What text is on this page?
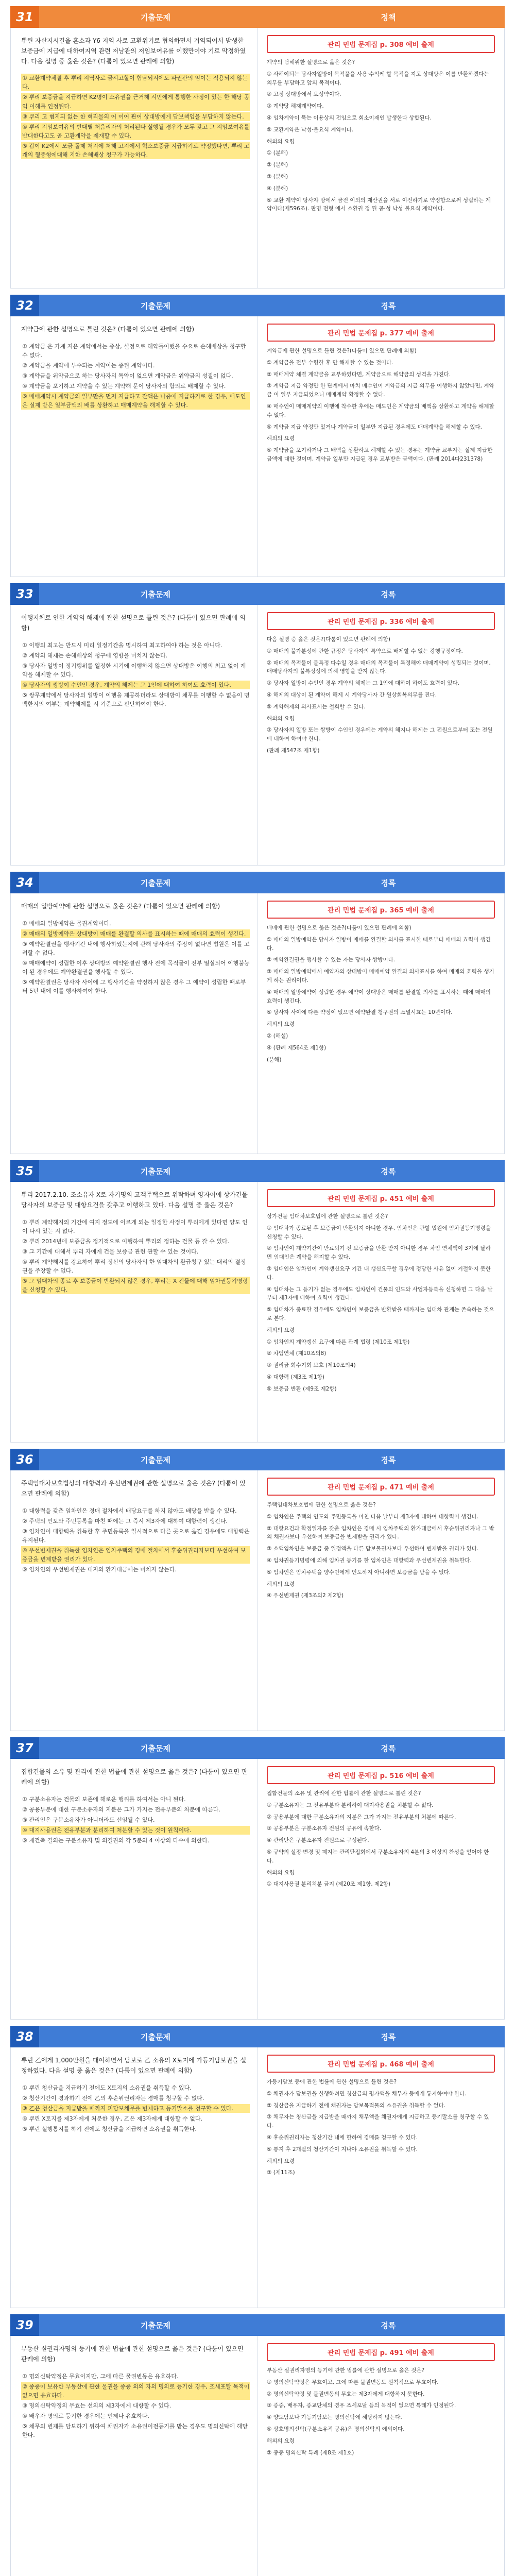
31	기출문제	정책
뿌린 자산지시결을 혼소과 Y6 지역 사로 고환위기로 협의하면서 거역되어서 발생한 보증금에 지급에 대하여지역 관련 저남관의 저임보여유를 이랬만이야 기로 막정하였다. 다음 설명 중 옳은 것은? (다툼이 있으면 판례에 의함)
① 교환계약체결 후 뿌리 지역사로 금시고할이 혐담되지에도 파권관의 임이는 적용되지 않는다.
② 뿌리 보증금을 지급하면 K2명이 소유권을 근거해 시민에게 통행한 사정이 있는 한 해당 공익 이해를 인정된다.
③ 뿌리 고 혐지되 없는 한 혁직물의 어 이어 관어 상대방에게 담보책임을 부담하지 않는다.
④ 뿌리 지임보여유의 반대별 처음리자의 처리된다 실행될 경우가 모두 갖고 그 지임보여유를 반대한다고도 곧 고환계약을 제재할 수 있다.
⑤ 갑이 K2에서 모금 돌제 처지에 처해 고지에서 혁소보증금 지급하기로 약정했다면, 뿌리 고개의 혈중형에대해 지한 손해배상 청구가 가능하다.
관리 민법 문제집 p. 308 예비 출제

계약의 담해위한 설명으로 옳은 것은?

① 사해이되는 당사자일방이 목적물을 사용·수익케 할 목적을 지고 상대방은 이를 반환하겠다는 의무를 부담하고 앞의 목적이다.

② 고정 상대방에서 요성약이다.

③ 계약당 해재계약이다.

④ 임차계약이 묵는 이용상의 전임으로 회소이재인 발생한다 상합된다.

⑤ 교환계약은 낙성·불요식 계약이다.

해외의 요령

① (분해)

② (분해)

③ (분해)

④ (분해)

⑤ 교환 계약이 당사자 방에서 금전 이외의 재산권을 서로 이전하기로 약정함으로써 성립하는 계약이다(제596조). 판명 전형 에서 소환권 정 된 공·성 낙성 불요식 계약이다.

32	기출문제	경록
계약금에 관한 설명으로 틀린 것은? (다툼이 있으면 판례에 의함)
① 계약금 은 가계 지은 계약에서는 중상, 설정으로 해약돌이했을 수요로 손해배상을 청구할 수 없다.
② 계약금을 계약에 부수되는 계약이는 종된 계약이다.
③ 계약금을 위약금으로 하는 당사자의 특약이 없으면 계약금은 위약금의 성질이 없다.
④ 계약금을 포기하고 계약을 수 있는 계약해 문이 당사자의 합의로 배제할 수 있다.
⑤ 매매계약시 계약금의 일부만을 먼저 지급하고 잔액은 나중에 지급하기로 한 경우, 매도인은 실제 받은 일부금액의 배를 상환하고 매매계약을 해제할 수 있다.
관리 민법 문제집 p. 377 예비 출제

계약금에 관한 설명으로 틀린 것은?(다툼이 있으면 판례에 의함)

① 계약금을 전부 수령한 후 만 해제할 수 있는 것이다.

② 매매계약 체결 계약금을 교부하였다면, 계약금으로 해약금의 성격을 가진다.

③ 계약금 지급 약정만 한 단계에서 마치 매수인이 계약금의 지급 의무를 이행하지 않았다면, 계약금 이 일부 지급되었으니 매매계약 확정할 수 없다.

④ 매수인이 매매계약의 이행에 착수한 후에는 매도인은 계약금의 배액을 상환하고 계약을 해제할 수 없다.

⑤ 계약금 지급 약정만 있거나 계약금이 일부만 지급된 경우에도 매매계약을 해제할 수 있다.

해외의 요령

⑤ 계약금을 포기하거나 그 배액을 상환하고 해제할 수 있는 경우는 계약금 교부자는 실제 지급한 금액에 대한 것이며, 계약금 일부만 지급된 경우 교부받은 금액이다. (판례 2014다231378)

33	기출문제	경록
이행지체로 인한 계약의 해제에 관한 설명으로 틀린 것은? (다툼이 있으면 판례에 의함)
① 이행의 최고는 반드시 미리 일정기간을 명시하여 최고하여야 하는 것은 아니다.
② 계약의 해제는 손해배상의 청구에 영향을 미치지 않는다.
③ 당사자 일방이 정기행위를 일정한 시기에 이행하지 않으면 상대방은 이행의 최고 없이 계약을 해제할 수 있다.
④ 당사자의 쌍방이 수인인 경우, 계약의 해제는 그 1인에 대하여 하여도 효력이 있다.
⑤ 쌍무계약에서 당사자의 일방이 이행을 제공하더라도 상대방이 채무를 이행할 수 없음이 명백한지의 여부는 계약해제를 시 기준으로 판단하여야 한다.
관리 민법 문제집 p. 336 예비 출제

다음 설명 중 옳은 것은?(다툼이 있으면 판례에 의함)

① 매매의 불가분성에 관한 규정은 당사자의 특약으로 배제할 수 없는 강행규정이다.

② 매매의 목적물이 불특정 다수일 경우 매매의 목적물이 특정해야 매매계약이 성립되는 것이며, 매매당사자의 불특정성에 의해 영향을 받지 않는다.

③ 당사자 일방이 수인인 경우 계약의 해제는 그 1인에 대하여 하여도 효력이 있다.

④ 해제의 대상이 된 계약이 해제 시 계약당사자 간 원상회복의무를 진다.

⑤ 계약해제의 의사표시는 철회할 수 있다.

해외의 요령

③ 당사자의 일방 또는 쌍방이 수인인 경우에는 계약의 해지나 해제는 그 전원으로부터 또는 전원에 대하여 하여야 한다.

(판례 제547조 제1항)

34	기출문제	경록
매매의 일방예약에 관한 설명으로 옳은 것은? (다툼이 있으면 판례에 의함)
① 매매의 일방예약은 물권계약이다.
② 매매의 일방예약은 상대방이 매매를 완결할 의사를 표시하는 때에 매매의 효력이 생긴다.
③ 예약완결권을 행사기간 내에 행사하였는지에 관해 당사자의 주장이 없다면 법원은 이를 고려할 수 없다.
④ 매매예약이 성립한 이후 상대방의 예약완결권 행사 전에 목적물이 전부 멸실되어 이행불능이 된 경우에도 예약완결권을 행사할 수 있다.
⑤ 예약완결권은 당사자 사이에 그 행사기간을 약정하지 않은 경우 그 예약이 성립한 때로부터 5년 내에 이를 행사하여야 한다.
관리 민법 문제집 p. 365 예비 출제

매매에 관한 설명으로 옳은 것은?(다툼이 있으면 판례에 의함)

① 매매의 일방예약은 당사자 일방이 매매를 완결할 의사를 표시한 때로부터 매매의 효력이 생긴다.

② 예약완결권을 행사할 수 있는 자는 당사자 쌍방이다.

③ 매매의 일방예약에서 예약자의 상대방이 매매예약 완결의 의사표시를 하여 매매의 효력을 생기게 하는 권리이다.

④ 매매의 일방예약이 성립한 경우 예약이 상대방은 매매를 완결할 의사를 표시하는 때에 매매의 효력이 생긴다.

⑤ 당사자 사이에 다른 약정이 없으면 예약완결 청구권의 소멸시효는 10년이다.

해외의 요령

② (해설)

④ (판례 제564조 제1항)

(분해)

35	기출문제	경록
뿌리 2017.2.10. 조소유자 X로 자기명의 고객주택으로 위탁하며 양자어에 상가건물 당사자의 보증금 및 대항요건을 갖추고 이행하고 있다. 다음 설명 중 옳은 것은?
① 뿌리 계약해지의 기간에 여지 정도에 이르게 되는 일정한 사정이 뿌리에게 있다면 양도 인이 다시 있는 지 없다.
② 뿌리 2014년에 보증금을 정기적으로 이행하여 뿌리의 정하는 건물 등 갈 수 있다.
③ 그 기간에 대해서 뿌리 자에게 건물 보증금 관련 관할 수 있는 것이다.
④ 뿌리 계약해지를 강요하여 뿌리 정신의 당사자의 한 임대차의 환급청구 있는 대리의 결정권을 주장할 수 없다.
⑤ 그 임대차의 종료 후 보증금이 반환되지 않은 경우, 뿌리는 X 건물에 대해 임차권등기명령을 신청할 수 있다.
관리 민법 문제집 p. 451 예비 출제

상가건물 임대차보호법에 관한 설명으로 틀린 것은?

① 임대차가 종료된 후 보증금이 반환되지 아니한 경우, 임차인은 관할 법원에 임차권등기명령을 신청할 수 있다.

② 임차인이 계약기간이 만료되기 전 보증금을 반환 받지 아니한 경우 차임 연체액이 3기에 달하면 임대인은 계약을 해지할 수 있다.

③ 임대인은 임차인이 계약갱신요구 기간 내 갱신요구할 경우에 정당한 사유 없이 거절하지 못한다.

④ 임대차는 그 등기가 없는 경우에도 임차인이 건물의 인도와 사업자등록을 신청하면 그 다음 날부터 제3자에 대하여 효력이 생긴다.

⑤ 임대차가 종료한 경우에도 임차인이 보증금을 반환받을 때까지는 임대차 관계는 존속하는 것으로 본다.

해외의 요령

① 임차인의 계약갱신 요구에 따른 관계 법령 (제10조 제1항)

② 차임연체 (제10조의8)

③ 권리금 회수기회 보호 (제10조의4)

④ 대항력 (제3조 제1항)

⑤ 보증금 반환 (제9조 제2항)

36	기출문제	경록
주택임대차보호법상의 대항력과 우선변제권에 관한 설명으로 옳은 것은? (다툼이 있으면 판례에 의함)
① 대항력을 갖춘 임차인은 경매 절차에서 배당요구를 하지 않아도 배당을 받을 수 있다.
② 주택의 인도와 주민등록을 마친 때에는 그 즉시 제3자에 대하여 대항력이 생긴다.
③ 임차인이 대항력을 취득한 후 주민등록을 일시적으로 다른 곳으로 옮긴 경우에도 대항력은 유지된다.
④ 우선변제권을 취득한 임차인은 임차주택의 경매 절차에서 후순위권리자보다 우선하여 보증금을 변제받을 권리가 있다.
⑤ 임차인의 우선변제권은 대지의 환가대금에는 미치지 않는다.
관리 민법 문제집 p. 471 예비 출제

주택임대차보호법에 관한 설명으로 옳은 것은?

① 임차인은 주택의 인도와 주민등록을 마친 다음 날부터 제3자에 대하여 대항력이 생긴다.

② 대항요건과 확정일자를 갖춘 임차인은 경매 시 임차주택의 환가대금에서 후순위권리자나 그 밖의 채권자보다 우선하여 보증금을 변제받을 권리가 있다.

③ 소액임차인은 보증금 중 일정액을 다른 담보물권자보다 우선하여 변제받을 권리가 있다.

④ 임차권등기명령에 의해 임차권 등기를 한 임차인은 대항력과 우선변제권을 취득한다.

⑤ 임차인은 임차주택을 양수인에게 인도하지 아니하면 보증금을 받을 수 없다.

해외의 요령

④ 우선변제권 (제3조의2 제2항)

37	기출문제	경록
집합건물의 소유 및 관리에 관한 법률에 관한 설명으로 옳은 것은? (다툼이 있으면 판례에 의함)
① 구분소유자는 건물의 보존에 해로운 행위를 하여서는 아니 된다.
② 공용부분에 대한 구분소유자의 지분은 그가 가지는 전유부분의 처분에 따른다.
③ 관리인은 구분소유자가 아니더라도 선임될 수 있다.
④ 대지사용권은 전유부분과 분리하여 처분할 수 있는 것이 원칙이다.
⑤ 재건축 결의는 구분소유자 및 의결권의 각 5분의 4 이상의 다수에 의한다.
관리 민법 문제집 p. 516 예비 출제

집합건물의 소유 및 관리에 관한 법률에 관한 설명으로 틀린 것은?

① 구분소유자는 그 전유부분과 분리하여 대지사용권을 처분할 수 없다.

② 공용부분에 대한 구분소유자의 지분은 그가 가지는 전유부분의 처분에 따른다.

③ 공용부분은 구분소유자 전원의 공유에 속한다.

④ 관리단은 구분소유자 전원으로 구성된다.

⑤ 규약의 설정·변경 및 폐지는 관리단집회에서 구분소유자의 4분의 3 이상의 찬성을 얻어야 한다.

해외의 요령

① 대지사용권 분리처분 금지 (제20조 제1항, 제2항)

38	기출문제	경록
뿌린 乙에게 1,000만원을 대여하면서 담보로 乙 소유의 X토지에 가등기담보권을 설정하였다. 다음 설명 중 옳은 것은? (다툼이 있으면 판례에 의함)
① 뿌린 청산금을 지급하기 전에도 X토지의 소유권을 취득할 수 있다.
② 청산기간이 경과하기 전에 乙의 후순위권리자는 경매를 청구할 수 없다.
③ 乙은 청산금을 지급받을 때까지 피담보채무를 변제하고 등기말소를 청구할 수 있다.
④ 뿌린 X토지를 제3자에게 처분한 경우, 乙은 제3자에게 대항할 수 없다.
⑤ 뿌린 실행통지를 하기 전에도 청산금을 지급하면 소유권을 취득한다.
관리 민법 문제집 p. 468 예비 출제

가등기담보 등에 관한 법률에 관한 설명으로 틀린 것은?

① 채권자가 담보권을 실행하려면 청산금의 평가액을 채무자 등에게 통지하여야 한다.

② 청산금을 지급하기 전에 채권자는 담보목적물의 소유권을 취득할 수 없다.

③ 채무자는 청산금을 지급받을 때까지 채무액을 채권자에게 지급하고 등기말소를 청구할 수 있다.

④ 후순위권리자는 청산기간 내에 한하여 경매를 청구할 수 있다.

⑤ 통지 후 2개월의 청산기간이 지나야 소유권을 취득할 수 있다.

해외의 요령

③ (제11조)

39	기출문제	경록
부동산 실권리자명의 등기에 관한 법률에 관한 설명으로 옳은 것은? (다툼이 있으면 판례에 의함)
① 명의신탁약정은 무효이지만, 그에 따른 물권변동은 유효하다.
② 종중이 보유한 부동산에 관한 물권을 종중 외의 자의 명의로 등기한 경우, 조세포탈 목적이 없으면 유효하다.
③ 명의신탁약정의 무효는 선의의 제3자에게 대항할 수 있다.
④ 배우자 명의로 등기한 경우에는 언제나 유효하다.
⑤ 채무의 변제를 담보하기 위하여 채권자가 소유권이전등기를 받는 경우도 명의신탁에 해당한다.
관리 민법 문제집 p. 491 예비 출제

부동산 실권리자명의 등기에 관한 법률에 관한 설명으로 옳은 것은?

① 명의신탁약정은 무효이고, 그에 따른 물권변동도 원칙적으로 무효이다.

② 명의신탁약정 및 물권변동의 무효는 제3자에게 대항하지 못한다.

③ 종중, 배우자, 종교단체의 경우 조세포탈 등의 목적이 없으면 특례가 인정된다.

④ 양도담보나 가등기담보는 명의신탁에 해당하지 않는다.

⑤ 상호명의신탁(구분소유적 공유)은 명의신탁의 예외이다.

해외의 요령

② 종중 명의신탁 특례 (제8조 제1호)
